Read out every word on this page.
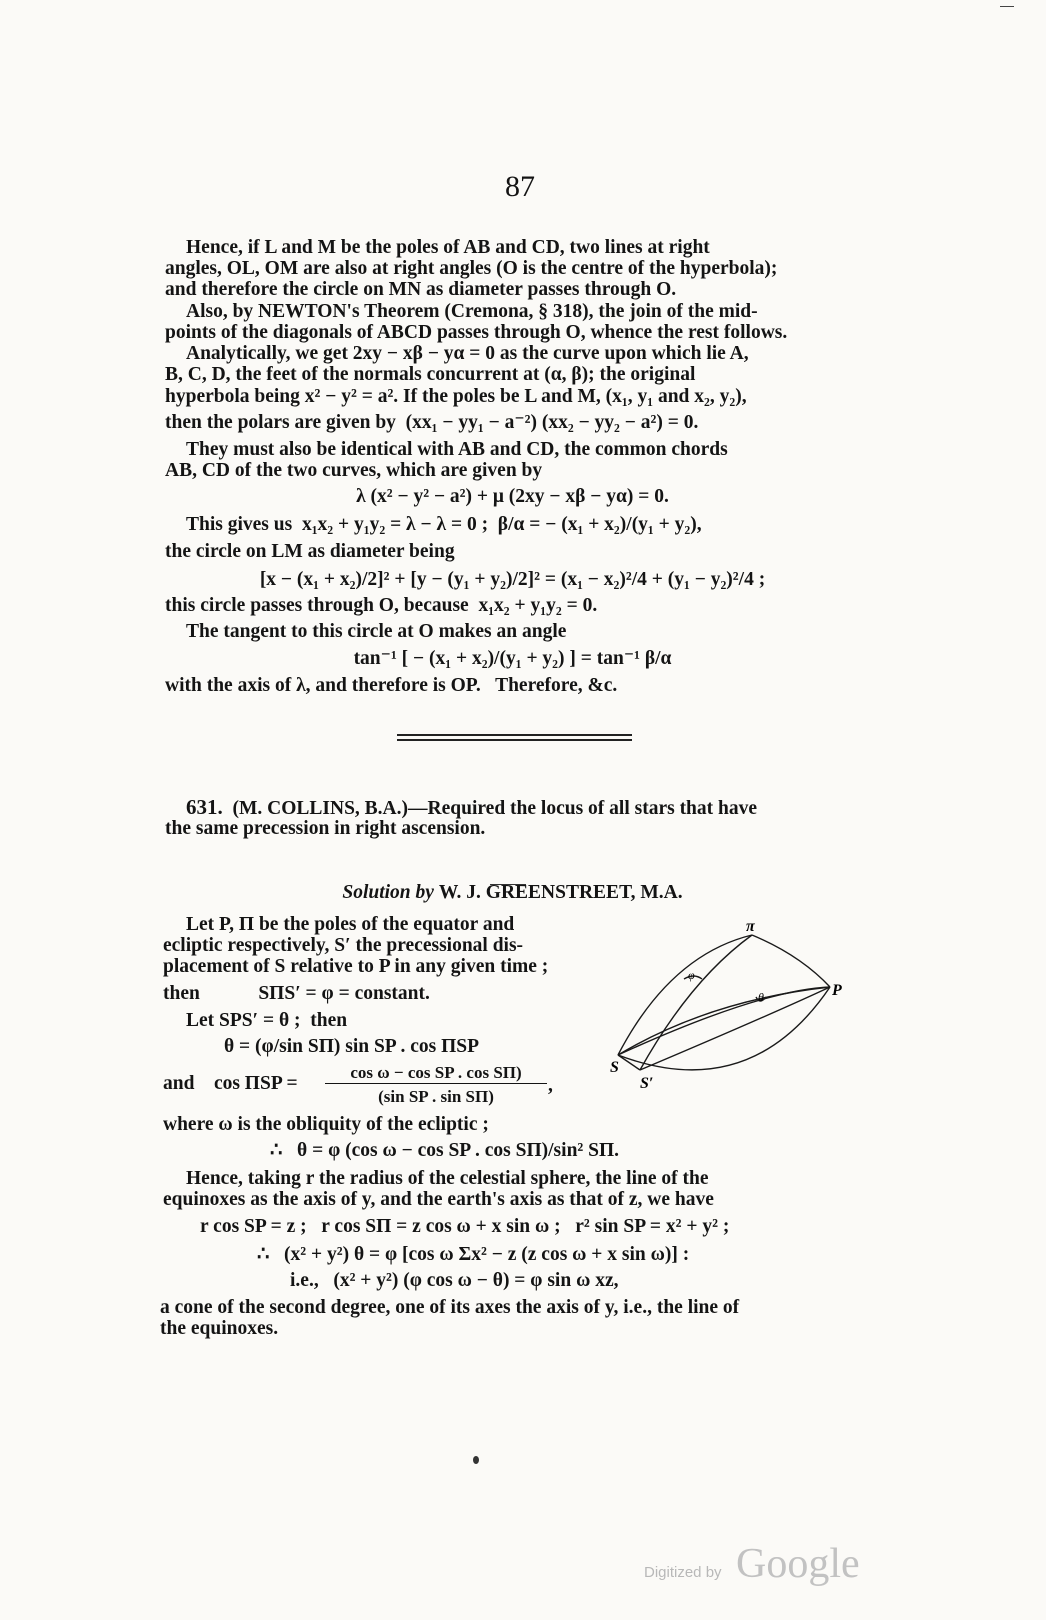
87
Hence, if L and M be the poles of AB and CD, two lines at right
angles, OL, OM are also at right angles (O is the centre of the hyperbola);
and therefore the circle on MN as diameter passes through O.
Also, by NEWTON's Theorem (Cremona, § 318), the join of the mid-
points of the diagonals of ABCD passes through O, whence the rest follows.
Analytically, we get 2xy − xβ − yα = 0 as the curve upon which lie A,
B, C, D, the feet of the normals concurrent at (α, β); the original
hyperbola being x² − y² = a². If the poles be L and M, (x₁, y₁ and x₂, y₂),
then the polars are given by  (xx₁ − yy₁ − a⁻²) (xx₂ − yy₂ − a²) = 0.
They must also be identical with AB and CD, the common chords
AB, CD of the two curves, which are given by
λ (x² − y² − a²) + μ (2xy − xβ − yα) = 0.
This gives us  x₁x₂ + y₁y₂ = λ − λ = 0 ;  β/α = − (x₁ + x₂)/(y₁ + y₂),
the circle on LM as diameter being
[x − (x₁ + x₂)/2]² + [y − (y₁ + y₂)/2]² = (x₁ − x₂)²/4 + (y₁ − y₂)²/4 ;
this circle passes through O, because  x₁x₂ + y₁y₂ = 0.
The tangent to this circle at O makes an angle
tan⁻¹ [ − (x₁ + x₂)/(y₁ + y₂) ] = tan⁻¹ β/α
with the axis of λ, and therefore is OP.   Therefore, &c.
631. (M. COLLINS, B.A.)—Required the locus of all stars that have
the same precession in right ascension.
Solution by W. J. GREENSTREET, M.A.
Let P, Π be the poles of the equator and
ecliptic respectively, S′ the precessional dis-
placement of S relative to P in any given time ;
then            SΠS′ = φ = constant.
Let SPS′ = θ ;  then
θ = (φ/sin SΠ) sin SP . cos ΠSP
and    cos ΠSP =
cos ω − cos SP . cos SΠ)
(sin SP . sin SΠ)
,
where ω is the obliquity of the ecliptic ;
∴   θ = φ (cos ω − cos SP . cos SΠ)/sin² SΠ.
Hence, taking r the radius of the celestial sphere, the line of the
equinoxes as the axis of y, and the earth's axis as that of z, we have
r cos SP = z ;   r cos SΠ = z cos ω + x sin ω ;   r² sin SP = x² + y² ;
∴   (x² + y²) θ = φ [cos ω Σx² − z (z cos ω + x sin ω)] :
i.e.,   (x² + y²) (φ cos ω − θ) = φ sin ω xz,
a cone of the second degree, one of its axes the axis of y, i.e., the line of
the equinoxes.
π
P
S
S′
φ
θ
Digitized by Google
